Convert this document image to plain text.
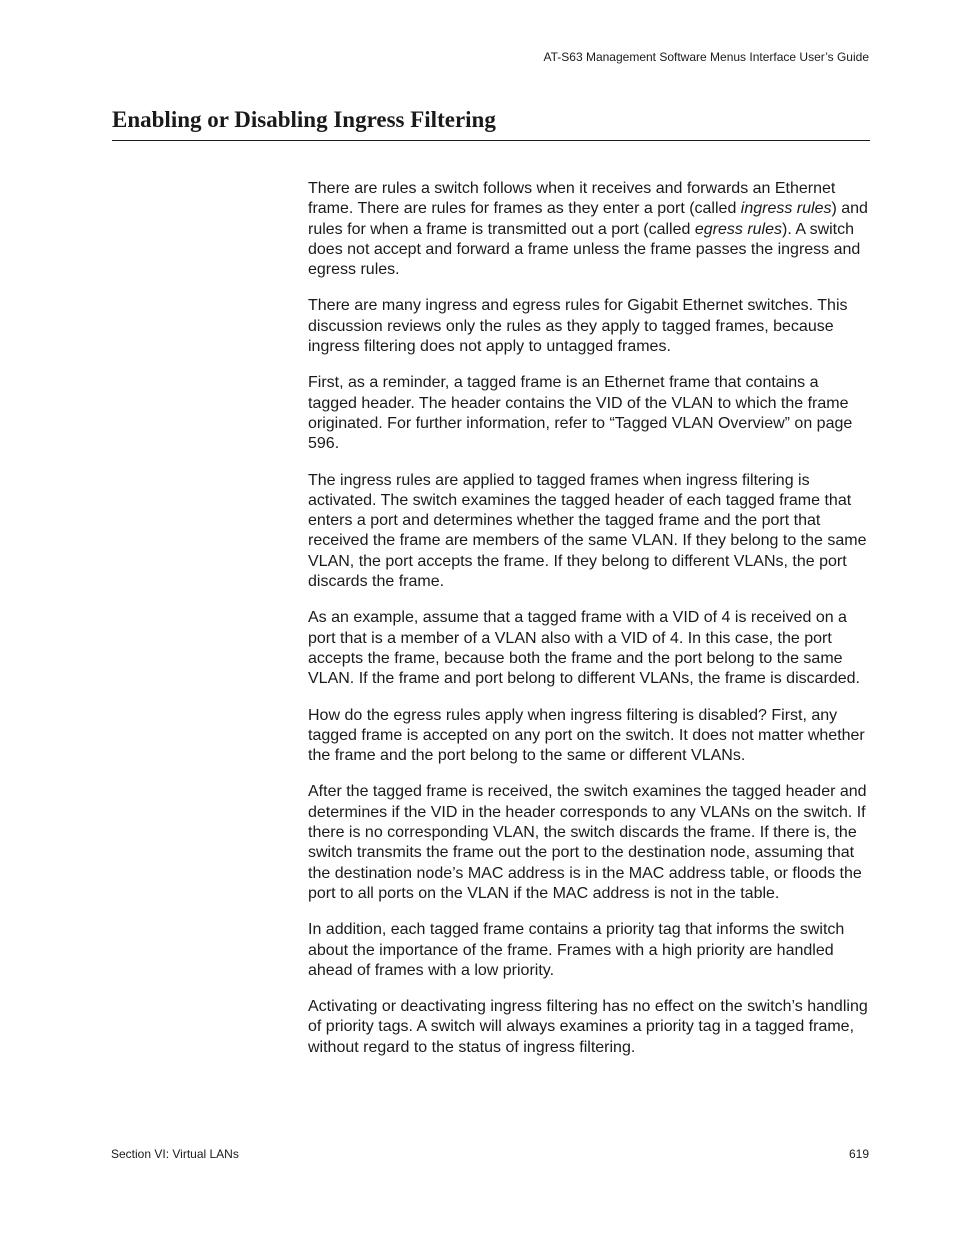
AT-S63 Management Software Menus Interface User’s Guide
Enabling or Disabling Ingress Filtering

There are rules a switch follows when it receives and forwards an Ethernet frame. There are rules for frames as they enter a port (called ingress rules) and rules for when a frame is transmitted out a port (called egress rules). A switch does not accept and forward a frame unless the frame passes the ingress and egress rules.

There are many ingress and egress rules for Gigabit Ethernet switches. This discussion reviews only the rules as they apply to tagged frames, because ingress filtering does not apply to untagged frames.

First, as a reminder, a tagged frame is an Ethernet frame that contains a tagged header. The header contains the VID of the VLAN to which the frame originated. For further information, refer to “Tagged VLAN Overview” on page 596.

The ingress rules are applied to tagged frames when ingress filtering is activated. The switch examines the tagged header of each tagged frame that enters a port and determines whether the tagged frame and the port that received the frame are members of the same VLAN. If they belong to the same VLAN, the port accepts the frame. If they belong to different VLANs, the port discards the frame.

As an example, assume that a tagged frame with a VID of 4 is received on a port that is a member of a VLAN also with a VID of 4. In this case, the port accepts the frame, because both the frame and the port belong to the same VLAN. If the frame and port belong to different VLANs, the frame is discarded.

How do the egress rules apply when ingress filtering is disabled? First, any tagged frame is accepted on any port on the switch. It does not matter whether the frame and the port belong to the same or different VLANs.

After the tagged frame is received, the switch examines the tagged header and determines if the VID in the header corresponds to any VLANs on the switch. If there is no corresponding VLAN, the switch discards the frame. If there is, the switch transmits the frame out the port to the destination node, assuming that the destination node’s MAC address is in the MAC address table, or floods the port to all ports on the VLAN if the MAC address is not in the table.

In addition, each tagged frame contains a priority tag that informs the switch about the importance of the frame. Frames with a high priority are handled ahead of frames with a low priority.

Activating or deactivating ingress filtering has no effect on the switch’s handling of priority tags. A switch will always examines a priority tag in a tagged frame, without regard to the status of ingress filtering.

Section VI: Virtual LANs	619
